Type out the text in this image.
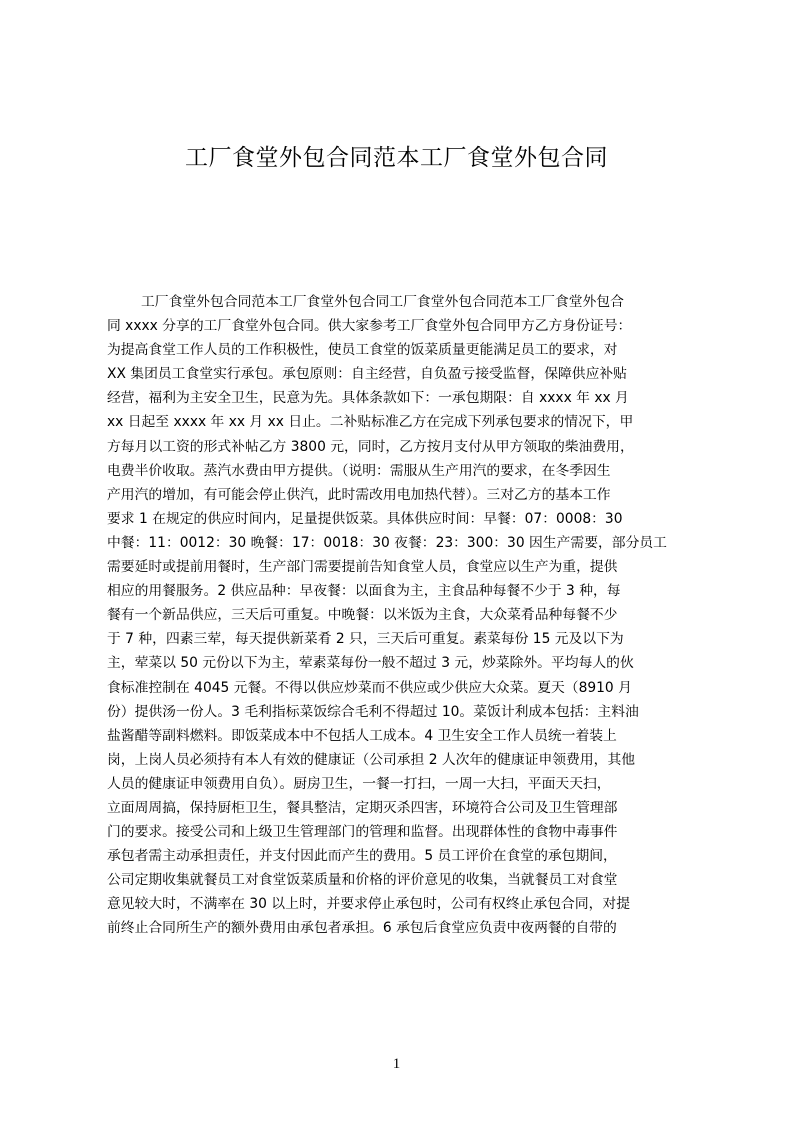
工厂食堂外包合同范本工厂食堂外包合同
工厂食堂外包合同范本工厂食堂外包合同工厂食堂外包合同范本工厂食堂外包合
同 xxxx 分享的工厂食堂外包合同。供大家参考工厂食堂外包合同甲方乙方身份证号：
为提高食堂工作人员的工作积极性，使员工食堂的饭菜质量更能满足员工的要求，对
XX 集团员工食堂实行承包。承包原则：自主经营，自负盈亏接受监督，保障供应补贴
经营，福利为主安全卫生，民意为先。具体条款如下：一承包期限：自 xxxx 年 xx 月
xx 日起至 xxxx 年 xx 月 xx 日止。二补贴标准乙方在完成下列承包要求的情况下，甲
方每月以工资的形式补帖乙方 3800 元，同时，乙方按月支付从甲方领取的柴油费用，
电费半价收取。蒸汽水费由甲方提供。（说明：需服从生产用汽的要求，在冬季因生
产用汽的增加，有可能会停止供汽，此时需改用电加热代替）。三对乙方的基本工作
要求 1 在规定的供应时间内，足量提供饭菜。具体供应时间：早餐：07：0008：30
中餐：11：0012：30 晚餐：17：0018：30 夜餐：23：300：30 因生产需要，部分员工
需要延时或提前用餐时，生产部门需要提前告知食堂人员，食堂应以生产为重，提供
相应的用餐服务。2 供应品种：早夜餐：以面食为主，主食品种每餐不少于 3 种，每
餐有一个新品供应，三天后可重复。中晚餐：以米饭为主食，大众菜肴品种每餐不少
于 7 种，四素三荤，每天提供新菜肴 2 只，三天后可重复。素菜每份 15 元及以下为
主，荤菜以 50 元份以下为主，荤素菜每份一般不超过 3 元，炒菜除外。平均每人的伙
食标准控制在 4045 元餐。不得以供应炒菜而不供应或少供应大众菜。夏天（8910 月
份）提供汤一份人。3 毛利指标菜饭综合毛利不得超过 10。菜饭计利成本包括：主料油
盐酱醋等副料燃料。即饭菜成本中不包括人工成本。4 卫生安全工作人员统一着装上
岗，上岗人员必须持有本人有效的健康证（公司承担 2 人次年的健康证申领费用，其他
人员的健康证申领费用自负）。厨房卫生，一餐一打扫，一周一大扫，平面天天扫，
立面周周搞，保持厨柜卫生，餐具整洁，定期灭杀四害，环境符合公司及卫生管理部
门的要求。接受公司和上级卫生管理部门的管理和监督。出现群体性的食物中毒事件
承包者需主动承担责任，并支付因此而产生的费用。5 员工评价在食堂的承包期间，
公司定期收集就餐员工对食堂饭菜质量和价格的评价意见的收集，当就餐员工对食堂
意见较大时，不满率在 30 以上时，并要求停止承包时，公司有权终止承包合同，对提
前终止合同所生产的额外费用由承包者承担。6 承包后食堂应负责中夜两餐的自带的
1
